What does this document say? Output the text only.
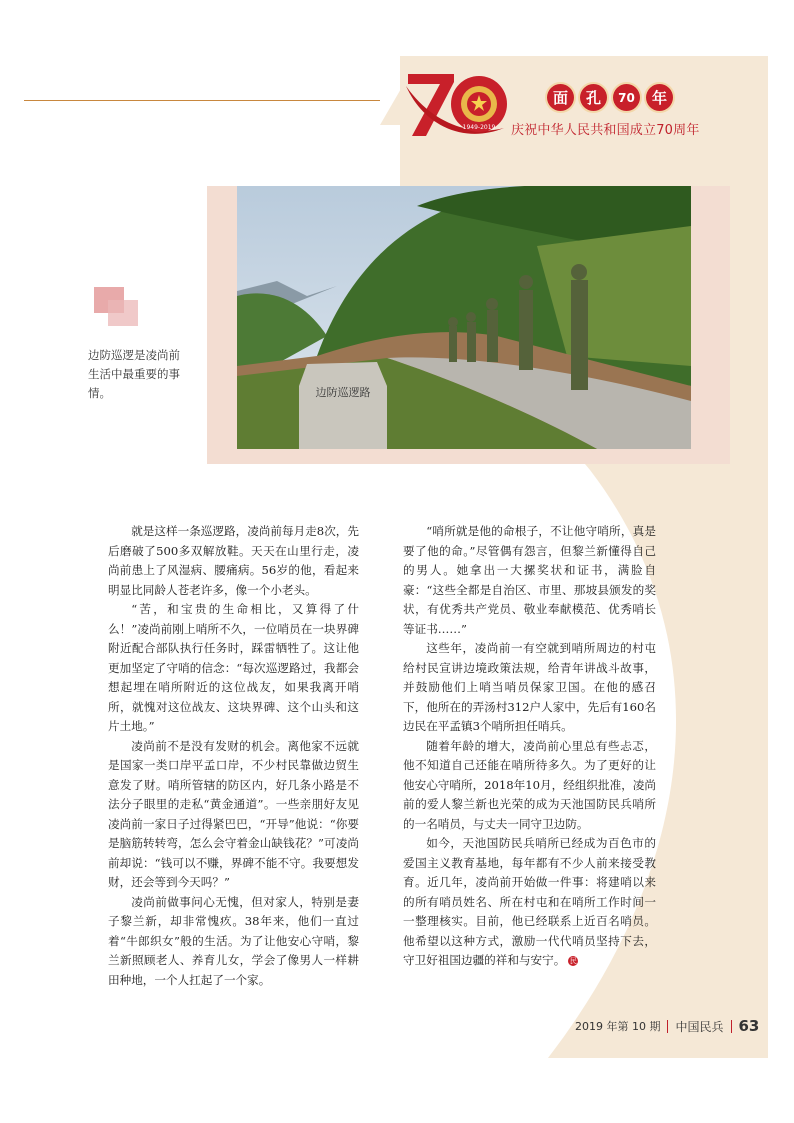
1949-2019
面	孔	70	年
庆祝中华人民共和国成立70周年
边防巡逻路
边防巡逻是凌尚前生活中最重要的事情。

就是这样一条巡逻路，凌尚前每月走8次，先后磨破了500多双解放鞋。天天在山里行走，凌尚前患上了风湿病、腰痛病。56岁的他，看起来明显比同龄人苍老许多，像一个小老头。

“苦，和宝贵的生命相比，又算得了什么！”凌尚前刚上哨所不久，一位哨员在一块界碑附近配合部队执行任务时，踩雷牺牲了。这让他更加坚定了守哨的信念：“每次巡逻路过，我都会想起埋在哨所附近的这位战友，如果我离开哨所，就愧对这位战友、这块界碑、这个山头和这片土地。”

凌尚前不是没有发财的机会。离他家不远就是国家一类口岸平孟口岸，不少村民靠做边贸生意发了财。哨所管辖的防区内，好几条小路是不法分子眼里的走私“黄金通道”。一些亲朋好友见凌尚前一家日子过得紧巴巴，“开导”他说：“你要是脑筋转转弯，怎么会守着金山缺钱花？”可凌尚前却说：“钱可以不赚，界碑不能不守。我要想发财，还会等到今天吗？”

凌尚前做事问心无愧，但对家人，特别是妻子黎兰新，却非常愧疚。38年来，他们一直过着“牛郎织女”般的生活。为了让他安心守哨，黎兰新照顾老人、养育儿女，学会了像男人一样耕田种地，一个人扛起了一个家。

“哨所就是他的命根子，不让他守哨所，真是要了他的命。”尽管偶有怨言，但黎兰新懂得自己的男人。她拿出一大摞奖状和证书，满脸自豪：“这些全都是自治区、市里、那坡县颁发的奖状，有优秀共产党员、敬业奉献模范、优秀哨长等证书……”

这些年，凌尚前一有空就到哨所周边的村屯给村民宣讲边境政策法规，给青年讲战斗故事，并鼓励他们上哨当哨员保家卫国。在他的感召下，他所在的弄汤村312户人家中，先后有160名边民在平孟镇3个哨所担任哨兵。

随着年龄的增大，凌尚前心里总有些忐忑，他不知道自己还能在哨所待多久。为了更好的让他安心守哨所，2018年10月，经组织批准，凌尚前的爱人黎兰新也光荣的成为天池国防民兵哨所的一名哨员，与丈夫一同守卫边防。

如今，天池国防民兵哨所已经成为百色市的爱国主义教育基地，每年都有不少人前来接受教育。近几年，凌尚前开始做一件事：将建哨以来的所有哨员姓名、所在村屯和在哨所工作时间一一整理核实。目前，他已经联系上近百名哨员。他希望以这种方式，激励一代代哨员坚持下去，守卫好祖国边疆的祥和与安宁。 民

2019 年第 10 期 中国民兵 63
